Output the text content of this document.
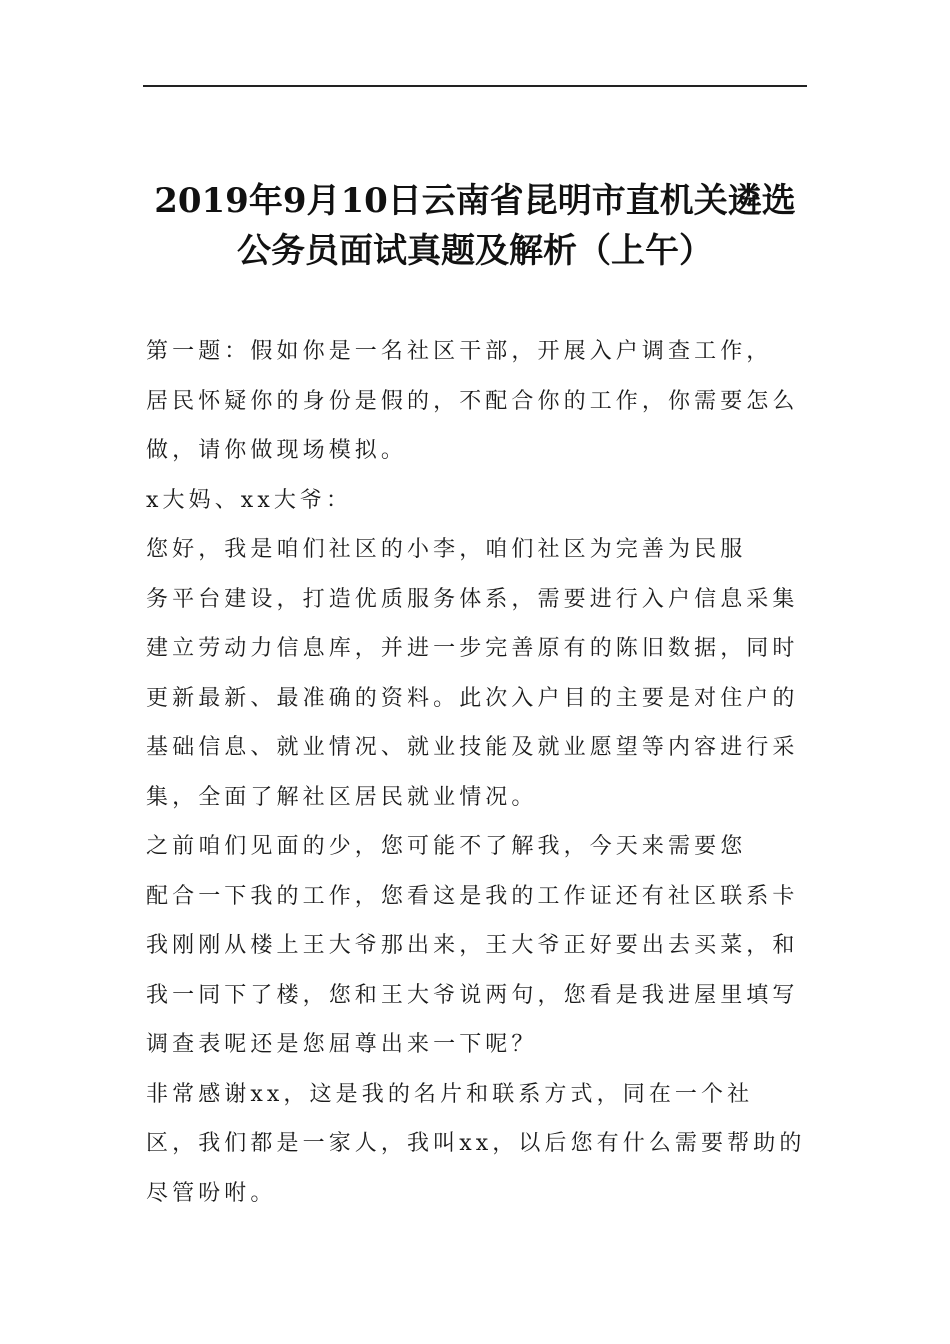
2019年9月10日云南省昆明市直机关遴选
公务员面试真题及解析（上午）

第一题：假如你是一名社区干部，开展入户调查工作，
居民怀疑你的身份是假的，不配合你的工作，你需要怎么
做，请你做现场模拟。

x大妈、xx大爷：

您好，我是咱们社区的小李，咱们社区为完善为民服
务平台建设，打造优质服务体系，需要进行入户信息采集
建立劳动力信息库，并进一步完善原有的陈旧数据，同时
更新最新、最准确的资料。此次入户目的主要是对住户的
基础信息、就业情况、就业技能及就业愿望等内容进行采
集，全面了解社区居民就业情况。

之前咱们见面的少，您可能不了解我，今天来需要您
配合一下我的工作，您看这是我的工作证还有社区联系卡
我刚刚从楼上王大爷那出来，王大爷正好要出去买菜，和
我一同下了楼，您和王大爷说两句，您看是我进屋里填写
调查表呢还是您屈尊出来一下呢？

非常感谢xx，这是我的名片和联系方式，同在一个社
区，我们都是一家人，我叫xx，以后您有什么需要帮助的
尽管吩咐。
